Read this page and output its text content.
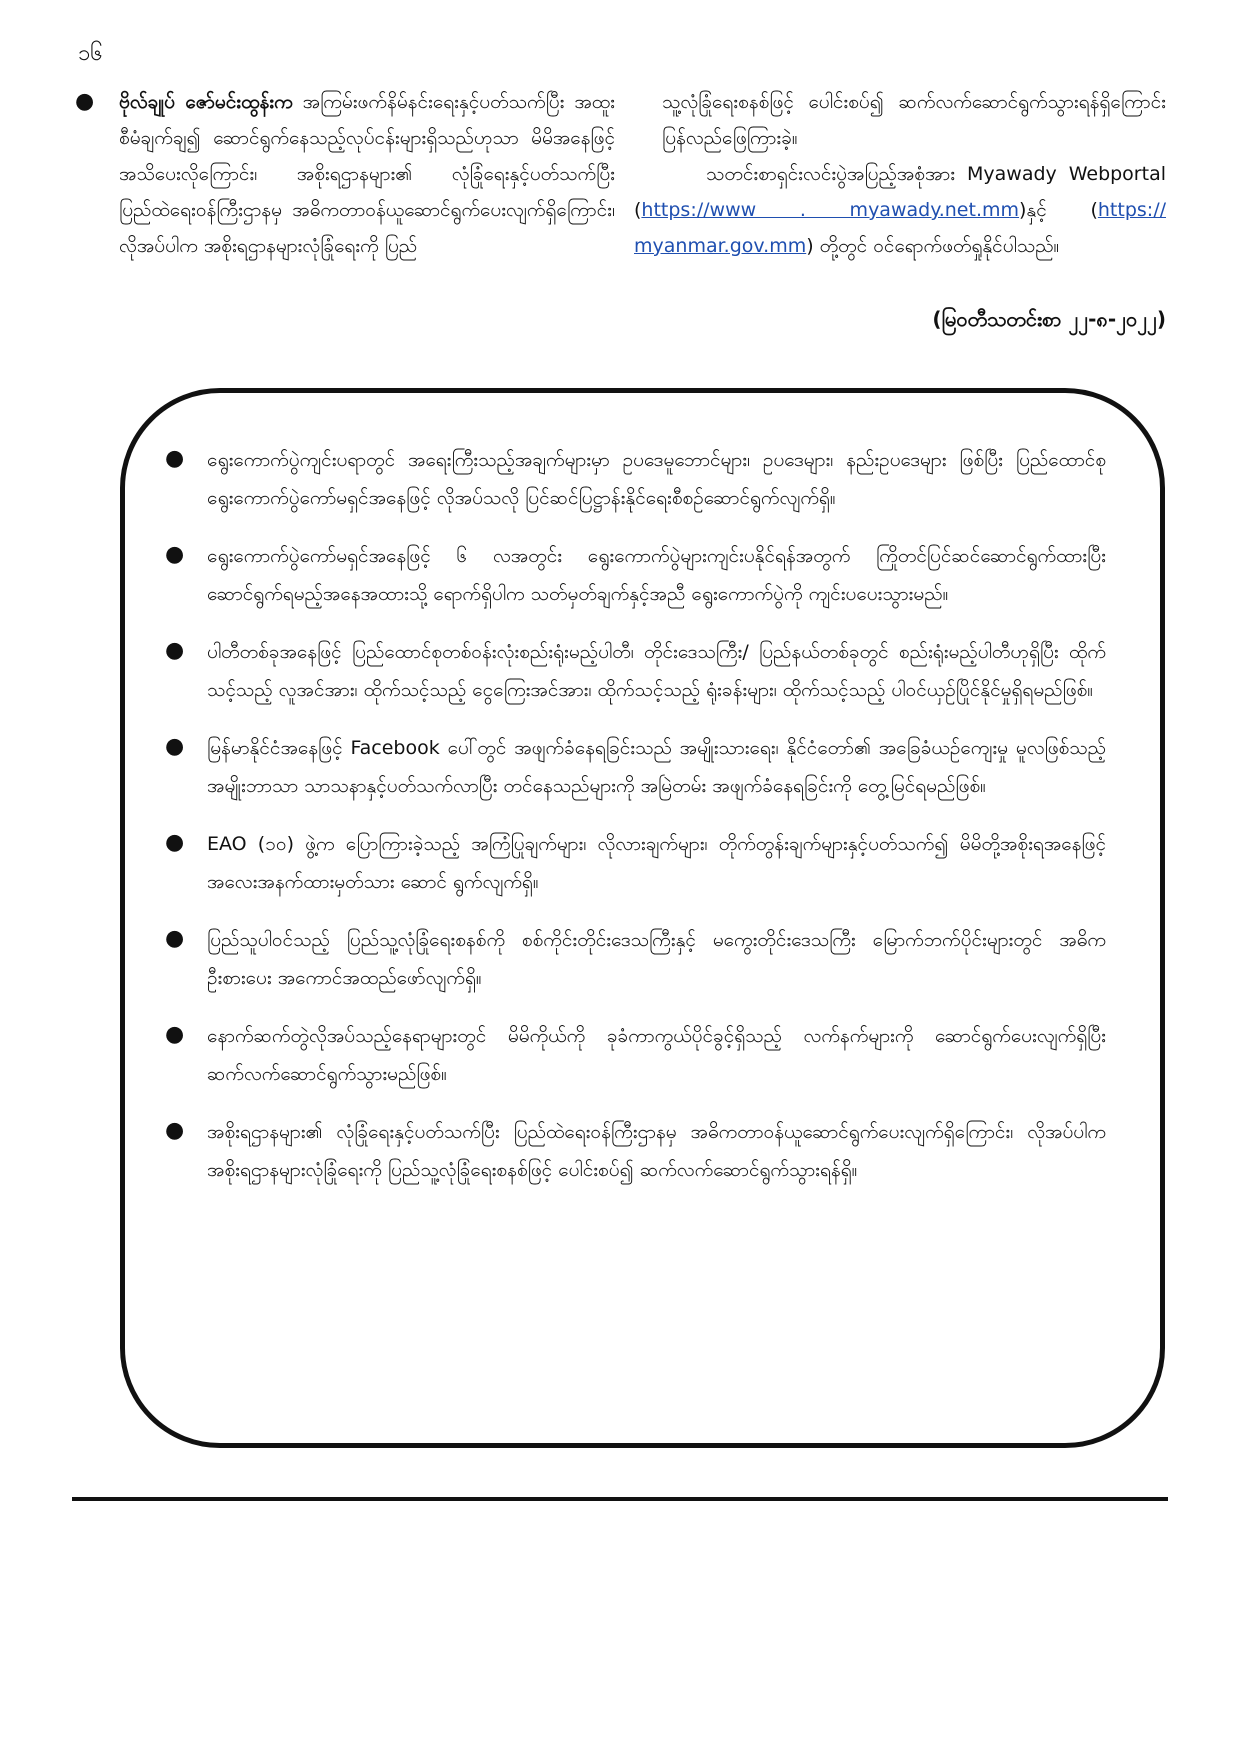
၁၆
●	ဗိုလ်ချုပ် ဇော်မင်းထွန်းက အကြမ်းဖက်နိမ်နင်းရေးနှင့်ပတ်သက်ပြီး အထူးစီမံချက်ချ၍ ဆောင်ရွက်နေသည့်လုပ်ငန်းများရှိသည်ဟုသာ မိမိအနေဖြင့် အသိပေးလိုကြောင်း၊ အစိုးရဌာနများ၏ လုံခြုံရေးနှင့်ပတ်သက်ပြီး ပြည်ထဲရေးဝန်ကြီးဌာနမှ အဓိကတာဝန်ယူဆောင်ရွက်ပေးလျက်ရှိကြောင်း၊ လိုအပ်ပါက အစိုးရဌာနများလုံခြုံရေးကို ပြည်

သူ့လုံခြုံရေးစနစ်ဖြင့် ပေါင်းစပ်၍ ဆက်လက်ဆောင်ရွက်သွားရန်ရှိကြောင်း ပြန်လည်ဖြေကြားခဲ့။

သတင်းစာရှင်းလင်းပွဲအပြည့်အစုံအား Myawady Webportal (https://www . myawady.net.mm)နှင့် (https:// myanmar.gov.mm) တို့တွင် ဝင်ရောက်ဖတ်ရှုနိုင်ပါသည်။

(မြဝတီသတင်းစာ ၂၂-၈-၂၀၂၂)
●	ရွေးကောက်ပွဲကျင်းပရာတွင် အရေးကြီးသည့်အချက်များမှာ ဥပဒေမူဘောင်များ၊ ဥပဒေများ၊ နည်းဥပဒေများ ဖြစ်ပြီး ပြည်ထောင်စုရွေးကောက်ပွဲကော်မရှင်အနေဖြင့် လိုအပ်သလို ပြင်ဆင်ပြဋ္ဌာန်းနိုင်ရေးစီစဉ်ဆောင်ရွက်လျက်ရှိ။
●	ရွေးကောက်ပွဲကော်မရှင်အနေဖြင့် ၆ လအတွင်း ရွေးကောက်ပွဲများကျင်းပနိုင်ရန်အတွက် ကြိုတင်ပြင်ဆင်ဆောင်ရွက်ထားပြီး ဆောင်ရွက်ရမည့်အနေအထားသို့ ရောက်ရှိပါက သတ်မှတ်ချက်နှင့်အညီ ရွေးကောက်ပွဲကို ကျင်းပပေးသွားမည်။
●	ပါတီတစ်ခုအနေဖြင့် ပြည်ထောင်စုတစ်ဝန်းလုံးစည်းရုံးမည့်ပါတီ၊ တိုင်းဒေသကြီး/ ပြည်နယ်တစ်ခုတွင် စည်းရုံးမည့်ပါတီဟုရှိပြီး ထိုက်သင့်သည့် လူအင်အား၊ ထိုက်သင့်သည့် ငွေကြေးအင်အား၊ ထိုက်သင့်သည့် ရုံးခန်းများ၊ ထိုက်သင့်သည့် ပါဝင်ယှဉ်ပြိုင်နိုင်မှုရှိရမည်ဖြစ်။
●	မြန်မာနိုင်ငံအနေဖြင့် Facebook ပေါ်တွင် အဖျက်ခံနေရခြင်းသည် အမျိုးသားရေး၊ နိုင်ငံတော်၏ အခြေခံယဉ်ကျေးမှု မူလဖြစ်သည့် အမျိုးဘာသာ သာသနာနှင့်ပတ်သက်လာပြီး တင်နေသည်များကို အမြဲတမ်း အဖျက်ခံနေရခြင်းကို တွေ့မြင်ရမည်ဖြစ်။
●	EAO (၁၀) ဖွဲ့က ပြောကြားခဲ့သည့် အကြံပြုချက်များ၊ လိုလားချက်များ၊ တိုက်တွန်းချက်များနှင့်ပတ်သက်၍ မိမိတို့အစိုးရအနေဖြင့် အလေးအနက်ထားမှတ်သား ဆောင် ရွက်လျက်ရှိ။
●	ပြည်သူပါဝင်သည့် ပြည်သူ့လုံခြုံရေးစနစ်ကို စစ်ကိုင်းတိုင်းဒေသကြီးနှင့် မကွေးတိုင်းဒေသကြီး မြောက်ဘက်ပိုင်းများတွင် အဓိကဦးစားပေး အကောင်အထည်ဖော်လျက်ရှိ။
●	နောက်ဆက်တွဲလိုအပ်သည့်နေရာများတွင် မိမိကိုယ်ကို ခုခံကာကွယ်ပိုင်ခွင့်ရှိသည့် လက်နက်များကို ဆောင်ရွက်ပေးလျက်ရှိပြီး ဆက်လက်ဆောင်ရွက်သွားမည်ဖြစ်။
●	အစိုးရဌာနများ၏ လုံခြုံရေးနှင့်ပတ်သက်ပြီး ပြည်ထဲရေးဝန်ကြီးဌာနမှ အဓိကတာဝန်ယူဆောင်ရွက်ပေးလျက်ရှိကြောင်း၊ လိုအပ်ပါက အစိုးရဌာနများလုံခြုံရေးကို ပြည်သူ့လုံခြုံရေးစနစ်ဖြင့် ပေါင်းစပ်၍ ဆက်လက်ဆောင်ရွက်သွားရန်ရှိ။
